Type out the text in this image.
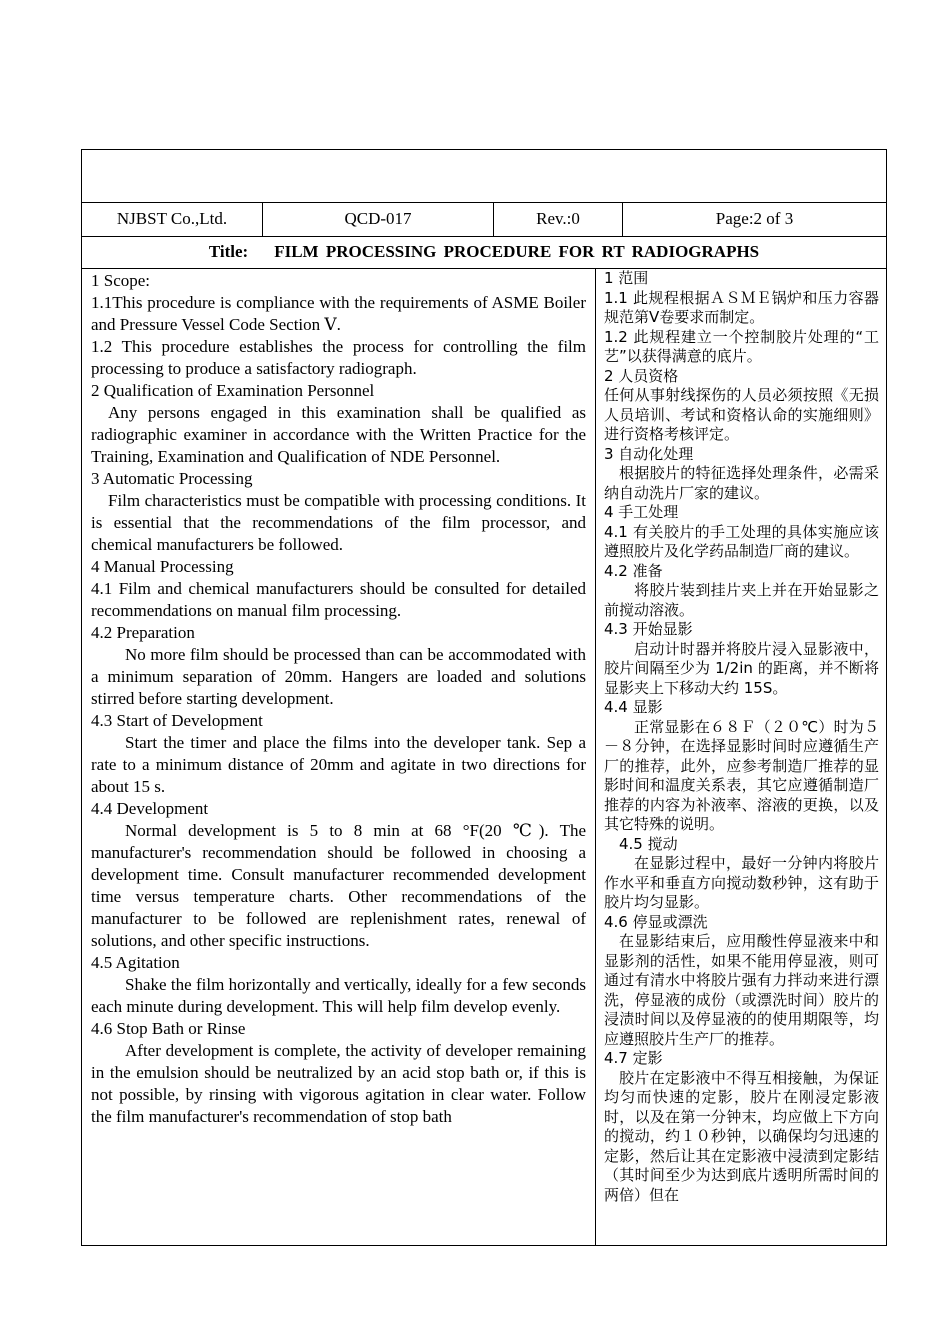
NJBST Co.,Ltd.	QCD-017	Rev.:0	Page:2 of 3
Title: FILM PROCESSING PROCEDURE FOR RT RADIOGRAPHS

1 Scope:

1.1This procedure is compliance with the requirements of ASME Boiler and Pressure Vessel Code Section Ⅴ.

1.2 This procedure establishes the process for controlling the film processing to produce a satisfactory radiograph.

2 Qualification of Examination Personnel

Any persons engaged in this examination shall be qualified as radiographic examiner in accordance with the Written Practice for the Training, Examination and Qualification of NDE Personnel.

3 Automatic Processing

Film characteristics must be compatible with processing conditions. It is essential that the recommendations of the film processor, and chemical manufacturers be followed.

4 Manual Processing

4.1 Film and chemical manufacturers should be consulted for detailed recommendations on manual film processing.

4.2 Preparation

No more film should be processed than can be accommodated with a minimum separation of 20mm. Hangers are loaded and solutions stirred before starting development.

4.3 Start of Development

Start the timer and place the films into the developer tank. Sep a rate to a minimum distance of 20mm and agitate in two directions for about 15 s.

4.4 Development

Normal development is 5 to 8 min at 68 °F(20 ℃). The manufacturer's recommendation should be followed in choosing a development time. Consult manufacturer recommended development time versus temperature charts. Other recommendations of the manufacturer to be followed are replenishment rates, renewal of solutions, and other specific instructions.

4.5 Agitation

Shake the film horizontally and vertically, ideally for a few seconds each minute during development. This will help film develop evenly.

4.6 Stop Bath or Rinse

After development is complete, the activity of developer remaining in the emulsion should be neutralized by an acid stop bath or, if this is not possible, by rinsing with vigorous agitation in clear water. Follow the film manufacturer's recommendation of stop bath

1 范围

1.1 此规程根据ＡＳＭＥ锅炉和压力容器规范第Ⅴ卷要求而制定。

1.2 此规程建立一个控制胶片处理的“工艺”以获得满意的底片。

2 人员资格

任何从事射线探伤的人员必须按照《无损人员培训、考试和资格认命的实施细则》进行资格考核评定。

3 自动化处理

根据胶片的特征选择处理条件，必需采纳自动洗片厂家的建议。

4 手工处理

4.1 有关胶片的手工处理的具体实施应该遵照胶片及化学药品制造厂商的建议。

4.2 准备

将胶片装到挂片夹上并在开始显影之前搅动溶液。

4.3 开始显影

启动计时器并将胶片浸入显影液中，胶片间隔至少为 1/2in 的距离，并不断将显影夹上下移动大约 15S。

4.4 显影

正常显影在６８Ｆ（２０℃）时为５－８分钟，在选择显影时间时应遵循生产厂的推荐，此外，应参考制造厂推荐的显影时间和温度关系表，其它应遵循制造厂推荐的内容为补液率、溶液的更换，以及其它特殊的说明。

4.5 搅动

在显影过程中，最好一分钟内将胶片作水平和垂直方向搅动数秒钟，这有助于胶片均匀显影。

4.6 停显或漂洗

在显影结束后，应用酸性停显液来中和显影剂的活性，如果不能用停显液，则可通过有清水中将胶片强有力拌动来进行漂洗，停显液的成份（或漂洗时间）胶片的浸渍时间以及停显液的的使用期限等，均应遵照胶片生产厂的推荐。

4.7 定影

胶片在定影液中不得互相接触，为保证均匀而快速的定影，胶片在刚浸定影液时，以及在第一分钟末，均应做上下方向的搅动，约１０秒钟，以确保均匀迅速的定影，然后让其在定影液中浸渍到定影结（其时间至少为达到底片透明所需时间的两倍）但在
